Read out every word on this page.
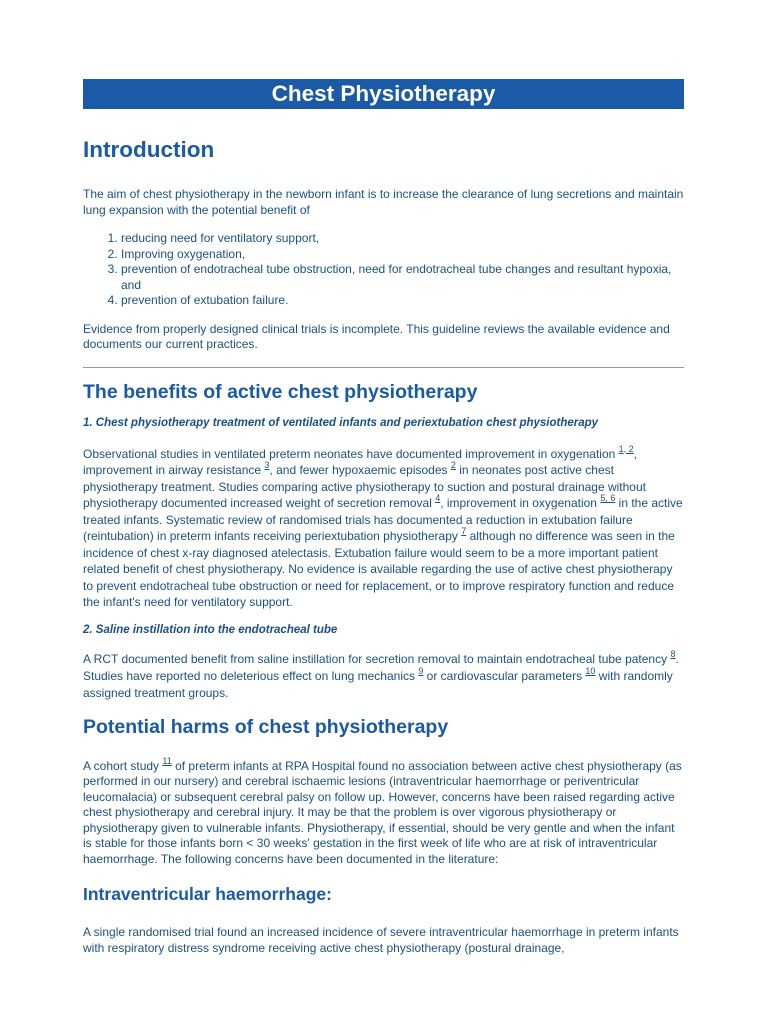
Chest Physiotherapy
Introduction

The aim of chest physiotherapy in the newborn infant is to increase the clearance of lung secretions and maintain lung expansion with the potential benefit of

1. reducing need for ventilatory support,
2. Improving oxygenation,
3. prevention of endotracheal tube obstruction, need for endotracheal tube changes and resultant hypoxia, and
4. prevention of extubation failure.

Evidence from properly designed clinical trials is incomplete. This guideline reviews the available evidence and documents our current practices.

The benefits of active chest physiotherapy

1. Chest physiotherapy treatment of ventilated infants and periextubation chest physiotherapy

Observational studies in ventilated preterm neonates have documented improvement in oxygenation $^{1, 2}$, improvement in airway resistance $^3$, and fewer hypoxaemic episodes $^2$ in neonates post active chest physiotherapy treatment. Studies comparing active physiotherapy to suction and postural drainage without physiotherapy documented increased weight of secretion removal $^4$, improvement in oxygenation $^{5, 6}$ in the active treated infants. Systematic review of randomised trials has documented a reduction in extubation failure (reintubation) in preterm infants receiving periextubation physiotherapy $^7$ although no difference was seen in the incidence of chest x-ray diagnosed atelectasis. Extubation failure would seem to be a more important patient related benefit of chest physiotherapy. No evidence is available regarding the use of active chest physiotherapy to prevent endotracheal tube obstruction or need for replacement, or to improve respiratory function and reduce the infant's need for ventilatory support.

2. Saline instillation into the endotracheal tube

A RCT documented benefit from saline instillation for secretion removal to maintain endotracheal tube patency $^8$. Studies have reported no deleterious effect on lung mechanics $^9$ or cardiovascular parameters $^{10}$ with randomly assigned treatment groups.

Potential harms of chest physiotherapy

A cohort study $^{11}$ of preterm infants at RPA Hospital found no association between active chest physiotherapy (as performed in our nursery) and cerebral ischaemic lesions (intraventricular haemorrhage or periventricular leucomalacia) or subsequent cerebral palsy on follow up. However, concerns have been raised regarding active chest physiotherapy and cerebral injury. It may be that the problem is over vigorous physiotherapy or physiotherapy given to vulnerable infants. Physiotherapy, if essential, should be very gentle and when the infant is stable for those infants born < 30 weeks' gestation in the first week of life who are at risk of intraventricular haemorrhage. The following concerns have been documented in the literature:

Intraventricular haemorrhage:

A single randomised trial found an increased incidence of severe intraventricular haemorrhage in preterm infants with respiratory distress syndrome receiving active chest physiotherapy (postural drainage,
